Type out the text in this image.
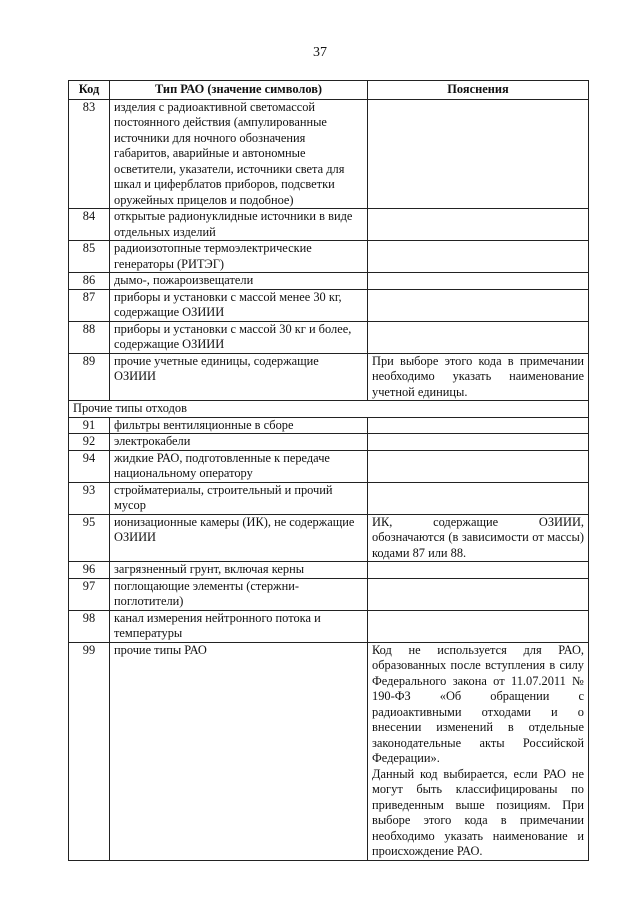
37
Код	Тип РАО (значение символов)	Пояснения
83	изделия с радиоактивной светомассой постоянного действия (ампулированные источники для ночного обозначения габаритов, аварийные и автономные осветители, указатели, источники света для шкал и циферблатов приборов, подсветки оружейных прицелов и подобное)	
84	открытые радионуклидные источники в виде отдельных изделий	
85	радиоизотопные термоэлектрические генераторы (РИТЭГ)	
86	дымо-, пожароизвещатели	
87	приборы и установки с массой менее 30 кг, содержащие ОЗИИИ	
88	приборы и установки с массой 30 кг и более, содержащие ОЗИИИ	
89	прочие учетные единицы, содержащие ОЗИИИ	При выборе этого кода в примечании необходимо указать наименование учетной единицы.
Прочие типы отходов		
91	фильтры вентиляционные в сборе	
92	электрокабели	
94	жидкие РАО, подготовленные к передаче национальному оператору	
93	стройматериалы, строительный и прочий мусор	
95	ионизационные камеры (ИК), не содержащие ОЗИИИ	ИК, содержащие ОЗИИИ, обозначаются (в зависимости от массы) кодами 87 или 88.
96	загрязненный грунт, включая керны	
97	поглощающие элементы (стержни-поглотители)	
98	канал измерения нейтронного потока и температуры	
99	прочие типы РАО	Код не используется для РАО, образованных после вступления в силу Федерального закона от 11.07.2011 № 190-ФЗ «Об обращении с радиоактивными отходами и о внесении изменений в отдельные законодательные акты Российской Федерации».
Данный код выбирается, если РАО не могут быть классифицированы по приведенным выше позициям. При выборе этого кода в примечании необходимо указать наименование и происхождение РАО.
